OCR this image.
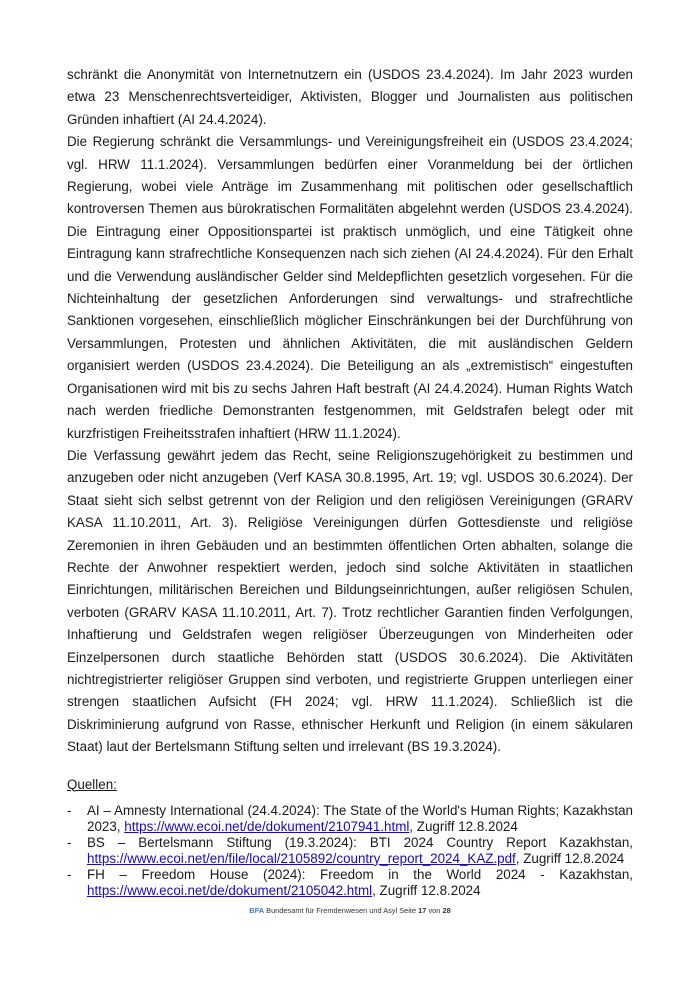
schränkt die Anonymität von Internetnutzern ein (USDOS 23.4.2024). Im Jahr 2023 wurden etwa 23 Menschenrechtsverteidiger, Aktivisten, Blogger und Journalisten aus politischen Gründen inhaftiert (AI 24.4.2024).

Die Regierung schränkt die Versammlungs- und Vereinigungsfreiheit ein (USDOS 23.4.2024; vgl. HRW 11.1.2024). Versammlungen bedürfen einer Voranmeldung bei der örtlichen Regierung, wobei viele Anträge im Zusammenhang mit politischen oder gesellschaftlich kontroversen Themen aus bürokratischen Formalitäten abgelehnt werden (USDOS 23.4.2024). Die Eintragung einer Oppositionspartei ist praktisch unmöglich, und eine Tätigkeit ohne Eintragung kann strafrechtliche Konsequenzen nach sich ziehen (AI 24.4.2024). Für den Erhalt und die Verwendung ausländischer Gelder sind Meldepflichten gesetzlich vorgesehen. Für die Nichteinhaltung der gesetzlichen Anforderungen sind verwaltungs- und strafrechtliche Sanktionen vorgesehen, einschließlich möglicher Einschränkungen bei der Durchführung von Versammlungen, Protesten und ähnlichen Aktivitäten, die mit ausländischen Geldern organisiert werden (USDOS 23.4.2024). Die Beteiligung an als „extremistisch“ eingestuften Organisationen wird mit bis zu sechs Jahren Haft bestraft (AI 24.4.2024). Human Rights Watch nach werden friedliche Demonstranten festgenommen, mit Geldstrafen belegt oder mit kurzfristigen Freiheitsstrafen inhaftiert (HRW 11.1.2024).

Die Verfassung gewährt jedem das Recht, seine Religionszugehörigkeit zu bestimmen und anzugeben oder nicht anzugeben (Verf KASA 30.8.1995, Art. 19; vgl. USDOS 30.6.2024). Der Staat sieht sich selbst getrennt von der Religion und den religiösen Vereinigungen (GRARV KASA 11.10.2011, Art. 3). Religiöse Vereinigungen dürfen Gottesdienste und religiöse Zeremonien in ihren Gebäuden und an bestimmten öffentlichen Orten abhalten, solange die Rechte der Anwohner respektiert werden, jedoch sind solche Aktivitäten in staatlichen Einrichtungen, militärischen Bereichen und Bildungseinrichtungen, außer religiösen Schulen, verboten (GRARV KASA 11.10.2011, Art. 7). Trotz rechtlicher Garantien finden Verfolgungen, Inhaftierung und Geldstrafen wegen religiöser Überzeugungen von Minderheiten oder Einzelpersonen durch staatliche Behörden statt (USDOS 30.6.2024). Die Aktivitäten nichtregistrierter religiöser Gruppen sind verboten, und registrierte Gruppen unterliegen einer strengen staatlichen Aufsicht (FH 2024; vgl. HRW 11.1.2024). Schließlich ist die Diskriminierung aufgrund von Rasse, ethnischer Herkunft und Religion (in einem säkularen Staat) laut der Bertelsmann Stiftung selten und irrelevant (BS 19.3.2024).

Quellen:
-	AI – Amnesty International (24.4.2024): The State of the World's Human Rights; Kazakhstan 2023, https://www.ecoi.net/de/dokument/2107941.html, Zugriff 12.8.2024
-	BS – Bertelsmann Stiftung (19.3.2024): BTI 2024 Country Report Kazakhstan, https://www.ecoi.net/en/file/local/2105892/country_report_2024_KAZ.pdf, Zugriff 12.8.2024
-	FH – Freedom House (2024): Freedom in the World 2024 - Kazakhstan, https://www.ecoi.net/de/dokument/2105042.html, Zugriff 12.8.2024
BFA Bundesamt für Fremdenwesen und Asyl Seite 17 von 28
